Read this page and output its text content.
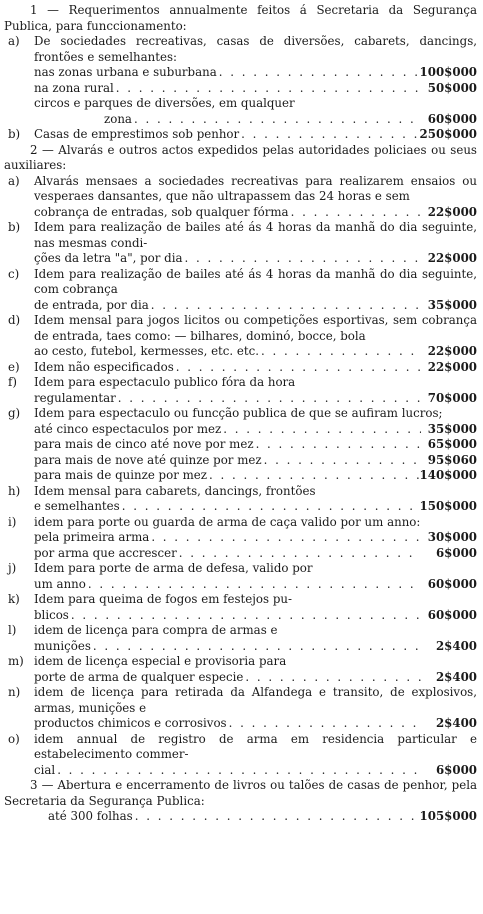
1 — Requerimentos annualmente feitos á Secretaria da Segurança Publica, para funccionamento:
a) De sociedades recreativas, casas de diversões, cabarets, dancings, frontões e semelhantes:
nas zonas urbana e suburbana . . .	100$000
na zona rural . . .	50$000
circos e parques de diversões, em qualquer
zona . . .	60$000
b) Casas de emprestimos sob penhor . . .	250$000
2 — Alvarás e outros actos expedidos pelas autoridades policiaes ou seus auxiliares:
a) Alvarás mensaes a sociedades recreativas para realizarem ensaios ou vesperaes dansantes, que não ultrapassem das 24 horas e sem
cobrança de entradas, sob qualquer fórma . . .	22$000
b) Idem para realização de bailes até ás 4 horas da manhã do dia seguinte, nas mesmas condi-
ções da letra "a", por dia . . .	22$000
c) Idem para realização de bailes até ás 4 horas da manhã do dia seguinte, com cobrança
de entrada, por dia . . .	35$000
d) Idem mensal para jogos licitos ou competições esportivas, sem cobrança de entrada, taes como: — bilhares, dominó, bocce, bola
ao cesto, futebol, kermesses, etc. etc. . . .	22$000
e) Idem não especificados . . .	22$000
f) Idem para espectaculo publico fóra da hora
regulamentar . . .	70$000
g) Idem para espectaculo ou funcção publica de que se aufiram lucros;
até cinco espectaculos por mez . . .	35$000
para mais de cinco até nove por mez . . .	65$000
para mais de nove até quinze por mez . . .	95$060
para mais de quinze por mez . . .	140$000
h) Idem mensal para cabarets, dancings, frontões
e semelhantes . . .	150$000
i) idem para porte ou guarda de arma de caça valido por um anno:
pela primeira arma . . .	30$000
por arma que accrescer . . .	6$000
j) Idem para porte de arma de defesa, valido por
um anno . . .	60$000
k) Idem para queima de fogos em festejos pu-
blicos . . .	60$000
l) idem de licença para compra de armas e
munições . . .	2$400
m) idem de licença especial e provisoria para
porte de arma de qualquer especie . . .	2$400
n) idem de licença para retirada da Alfandega e transito, de explosivos, armas, munições e
productos chimicos e corrosivos . . .	2$400
o) idem annual de registro de arma em residencia particular e estabelecimento commer-
cial . . .	6$000
3 — Abertura e encerramento de livros ou talões de casas de penhor, pela Secretaria da Segurança Publica:
até 300 folhas . . .	105$000
